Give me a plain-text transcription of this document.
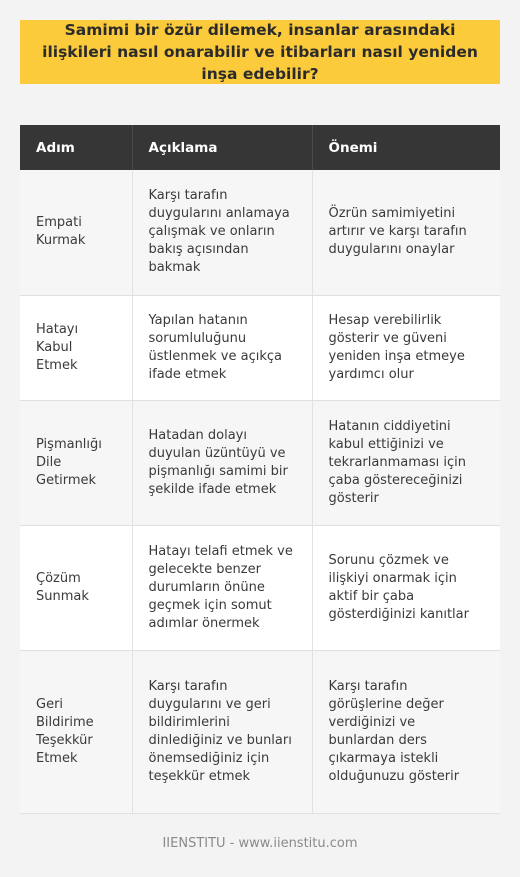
Samimi bir özür dilemek, insanlar arasındaki ilişkileri nasıl onarabilir ve itibarları nasıl yeniden inşa edebilir?
Adım	Açıklama	Önemi
Empati Kurmak	Karşı tarafın duygularını anlamaya çalışmak ve onların bakış açısından bakmak	Özrün samimiyetini artırır ve karşı tarafın duygularını onaylar
Hatayı Kabul Etmek	Yapılan hatanın sorumluluğunu üstlenmek ve açıkça ifade etmek	Hesap verebilirlik gösterir ve güveni yeniden inşa etmeye yardımcı olur
Pişmanlığı Dile Getirmek	Hatadan dolayı duyulan üzüntüyü ve pişmanlığı samimi bir şekilde ifade etmek	Hatanın ciddiyetini kabul ettiğinizi ve tekrarlanmaması için çaba göstereceğinizi gösterir
Çözüm Sunmak	Hatayı telafi etmek ve gelecekte benzer durumların önüne geçmek için somut adımlar önermek	Sorunu çözmek ve ilişkiyi onarmak için aktif bir çaba gösterdiğinizi kanıtlar
Geri Bildirime Teşekkür Etmek	Karşı tarafın duygularını ve geri bildirimlerini dinlediğiniz ve bunları önemsediğiniz için teşekkür etmek	Karşı tarafın görüşlerine değer verdiğinizi ve bunlardan ders çıkarmaya istekli olduğunuzu gösterir
IIENSTITU - www.iienstitu.com
